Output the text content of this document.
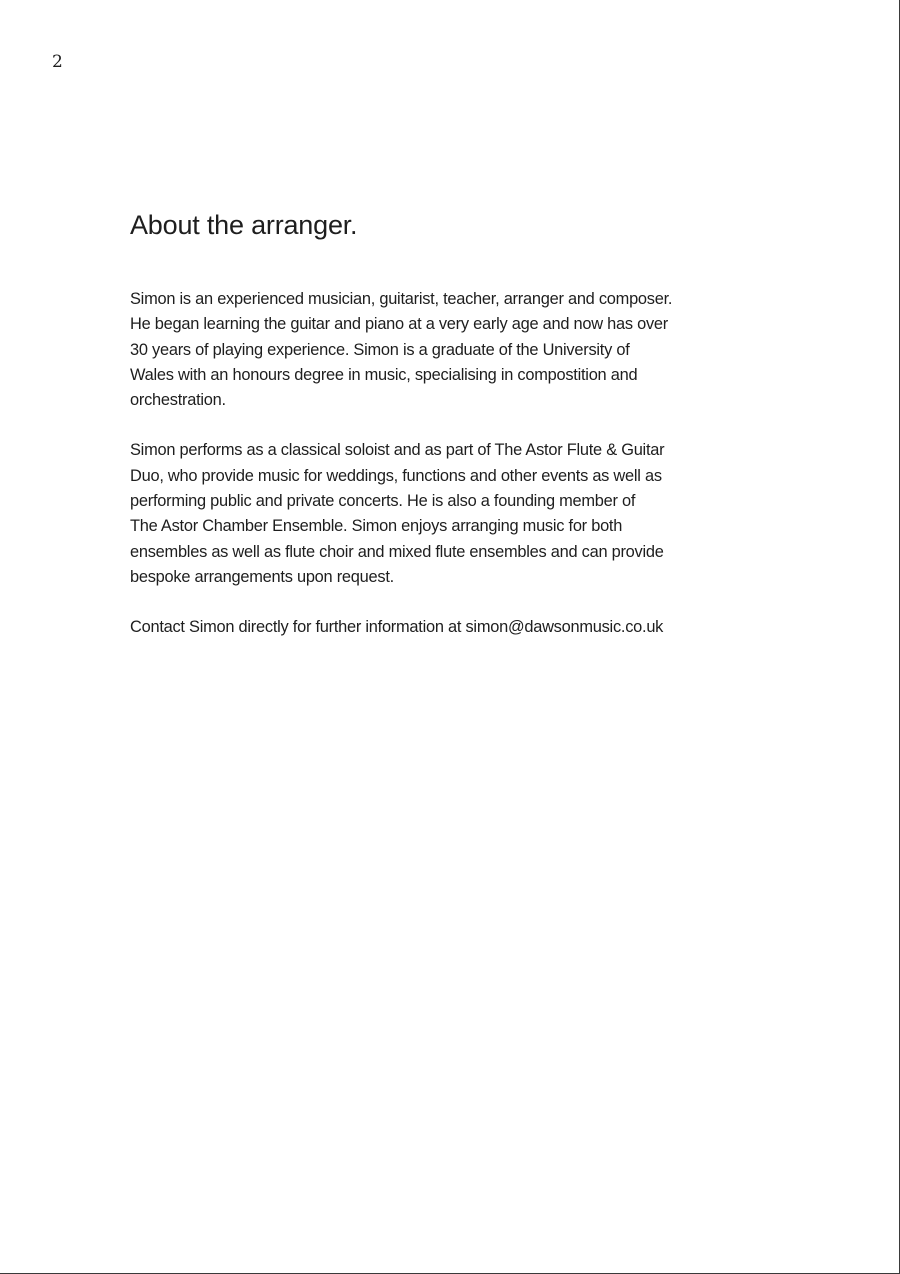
2
About the arranger.

Simon is an experienced musician, guitarist, teacher, arranger and composer.
He began learning the guitar and piano at a very early age and now has over
30 years of playing experience. Simon is a graduate of the University of
Wales with an honours degree in music, specialising in compostition and
orchestration.

Simon performs as a classical soloist and as part of The Astor Flute & Guitar
Duo, who provide music for weddings, functions and other events as well as
performing public and private concerts. He is also a founding member of
The Astor Chamber Ensemble. Simon enjoys arranging music for both
ensembles as well as flute choir and mixed flute ensembles and can provide
bespoke arrangements upon request.

Contact Simon directly for further information at simon@dawsonmusic.co.uk
